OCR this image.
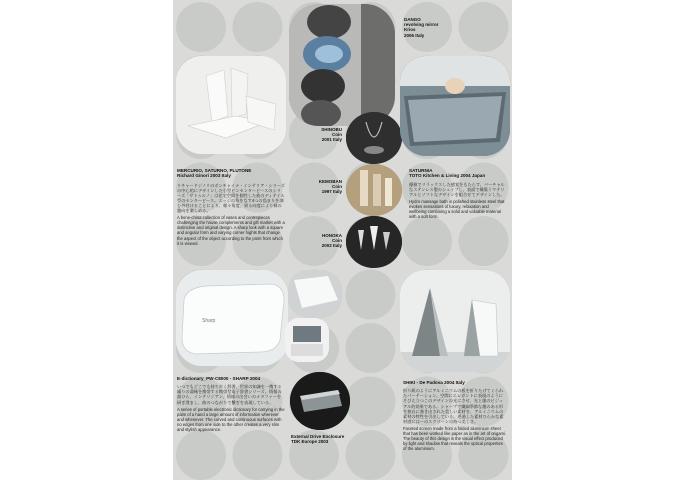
DANGO
revolving mirror
Krios
2006 Italy
MERCURIO, SATURNO, PLUTONE
Richard Ginori 2003 Italy

リチャードジノリのボンチャイナ・インテリア・シリーズの中心的にデザインした小型ビンセンターピースのシリーズ「サトゥルノ」は住宅空間を個性した彼のディテイル型のセンターピース。エッジの角をなす4つの島まりを調む外付けることにより、様々角度、異る向度により様の趣向を楽しめる。

A bone-china collection of vases and centrepieces challenging the house complements and gift market with a distinctive and original design. A sharp look with a square and angular form and varying corner hights that change the aspect of the object according to the point from which it is viewed.

SHINOBU
Coin
2001 Italy
KEMOBAN
Coin
1997 Italy
HONOKA
Coin
2002 Italy
SATURNIA
TOTO Kitchen & Living 2004 Japan

優雅でリラックスした感覚をもたらす。バーチャルなステンレス製のシェイプし、表面で構築うマテリアルとソフトなデザインを組合せてデザインした。

Hydro massage bath in polished stainless steel that evokes sensations of luxury, relaxation and wellbeing combining a solid and valuable material with a soft form.

Sharp
E-dictionary_PW-C8000 - SHARP 2004

いつでもどこでも持ち歩く辞書。世界の知識を一携する繰りの器械を携帯する携帯型電子辞書シリーズ。情報の器ひら、インテリジアン、情報の出会いのメタファーを研ぎ澄まし、曲のつながりで繋ぎを表現している。

A series of portable electronic dictionary for carrying in the palm of a hand a large amount of information wherever and whenever. The curved and continuous surfaces with no edges from one side to the other creates a very slim and stylish appearance.

External Drive Enclosure
TDK Europe 2003
SHIKI - De Padova 2004 Italy

折り紙のようにアルミニウムの板を折りたげてくられたパーテーション。空間にエレガントに表現のようにそびえ立つこのデザインの光にさせ、光と風のビジュアル的効果である。シャープで繊細季節な趣のある形を独自に強き出された美しい素材を、アルミニウムの素材の特性を引出している。透過した素材ひらかな素材感にはーのスクリーンの持つ美しさ。

Faceted screen made from a folded aluminium sheet that has been worked like paper as in the art of origami. The beauty of this design is the visual effect produced by light and shadow that reveals the optical properties of the aluminium.
